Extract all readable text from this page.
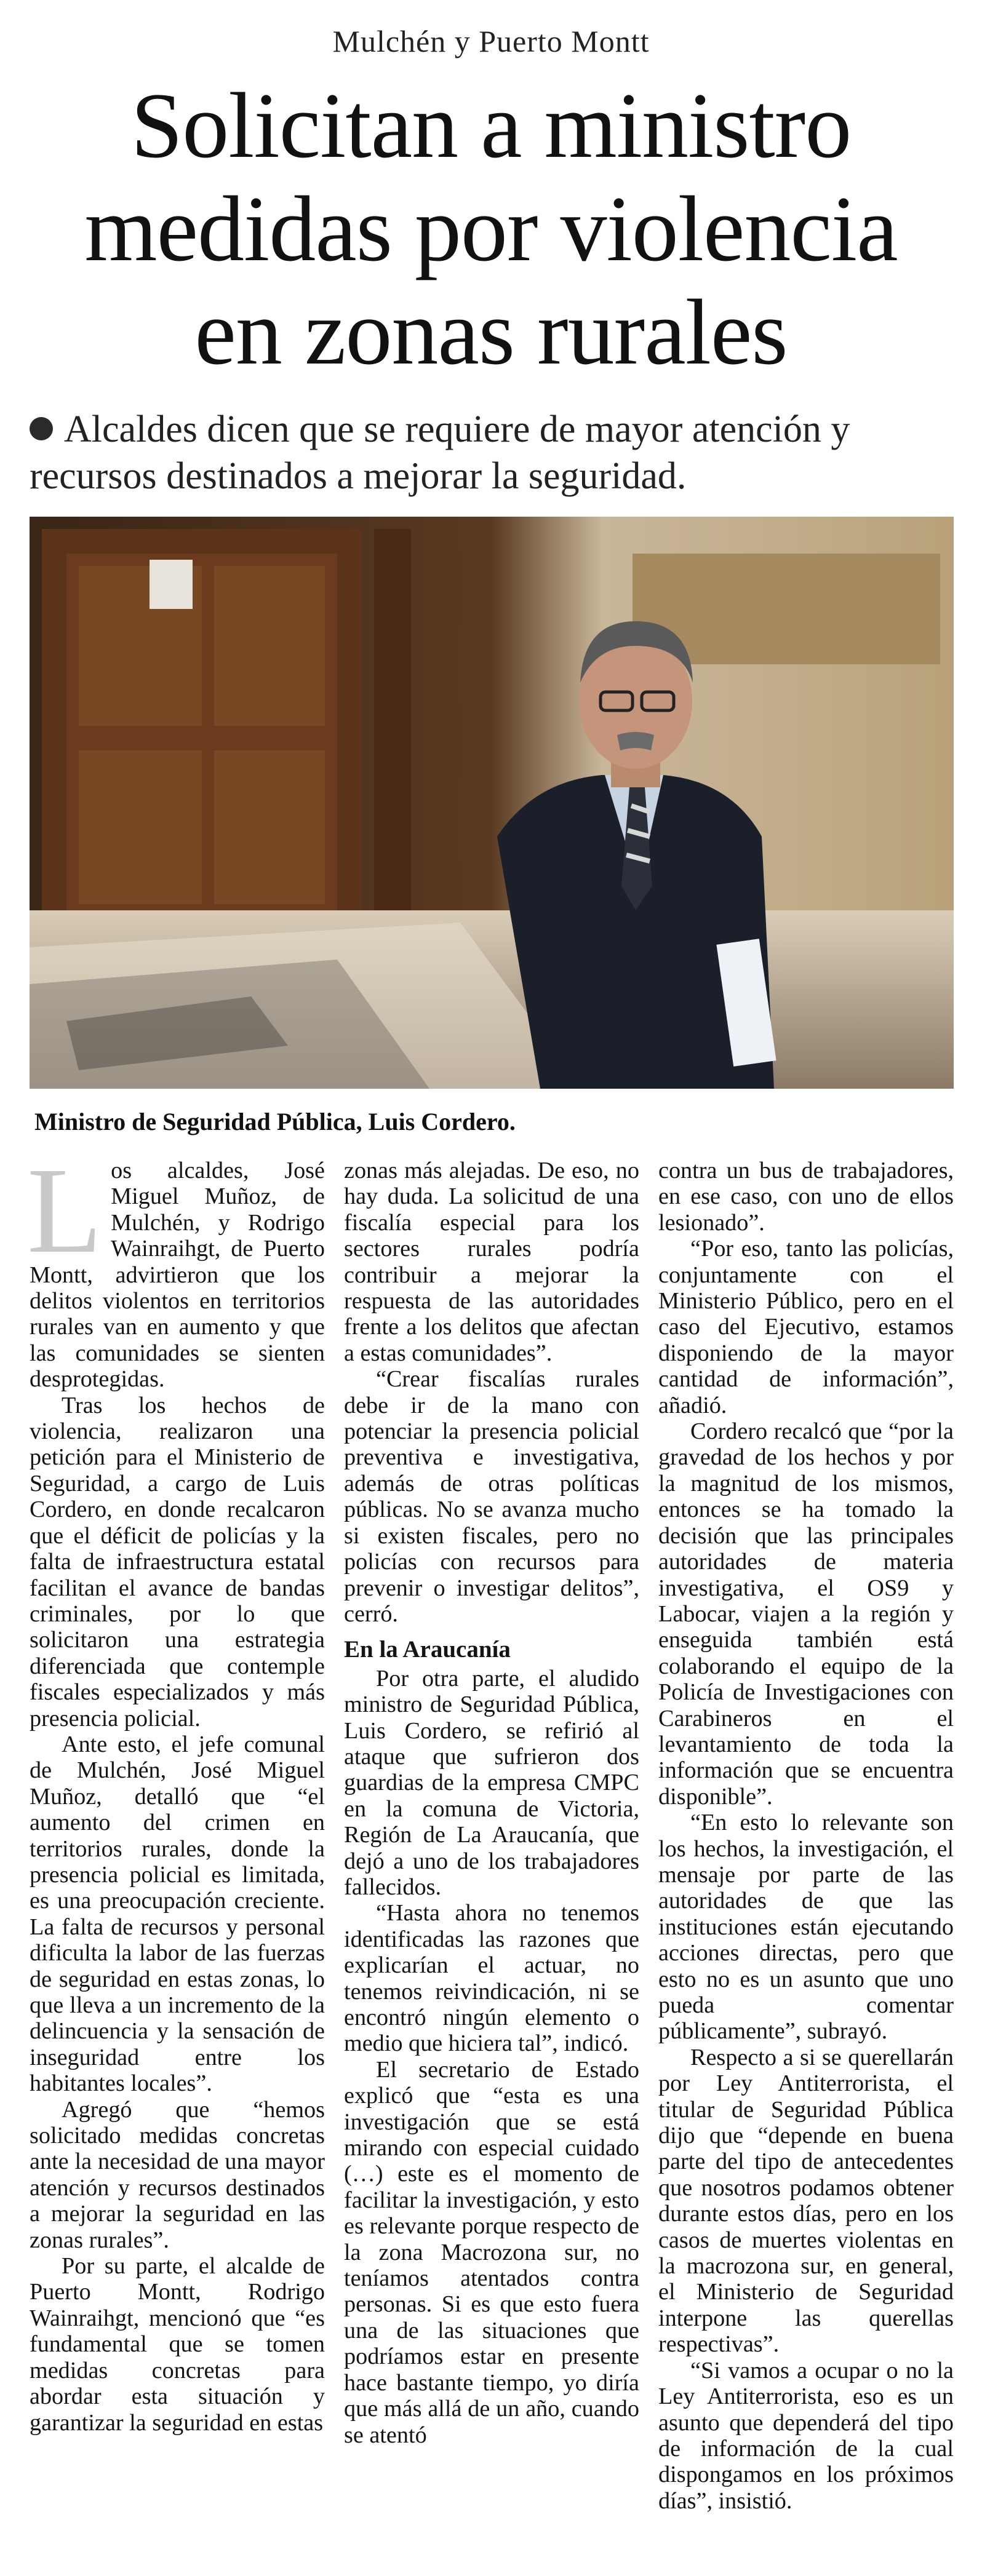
Mulchén y Puerto Montt
Solicitan a ministro
medidas por violencia
en zonas rurales
Alcaldes dicen que se requiere de mayor atención y recursos destinados a mejorar la seguridad.
Ministro de Seguridad Pública, Luis Cordero.

Los alcaldes, José Miguel Muñoz, de Mulchén, y Rodrigo Wainraihgt, de Puerto Montt, advirtieron que los delitos violentos en territorios rurales van en aumento y que las comunidades se sienten desprotegidas.

Tras los hechos de violencia, realizaron una petición para el Ministerio de Seguridad, a cargo de Luis Cordero, en donde recalcaron que el déficit de policías y la falta de infraestructura estatal facilitan el avance de bandas criminales, por lo que solicitaron una estrategia diferenciada que contemple fiscales especializados y más presencia policial.

Ante esto, el jefe comunal de Mulchén, José Miguel Muñoz, detalló que “el aumento del crimen en territorios rurales, donde la presencia policial es limitada, es una preocupación creciente. La falta de recursos y personal dificulta la labor de las fuerzas de seguridad en estas zonas, lo que lleva a un incremento de la delincuencia y la sensación de inseguridad entre los habitantes locales”.

Agregó que “hemos solicitado medidas concretas ante la necesidad de una mayor atención y recursos destinados a mejorar la seguridad en las zonas rurales”.

Por su parte, el alcalde de Puerto Montt, Rodrigo Wainraihgt, mencionó que “es fundamental que se tomen medidas concretas para abordar esta situación y garantizar la seguridad en estas

zonas más alejadas. De eso, no hay duda. La solicitud de una fiscalía especial para los sectores rurales podría contribuir a mejorar la respuesta de las autoridades frente a los delitos que afectan a estas comunidades”.

“Crear fiscalías rurales debe ir de la mano con potenciar la presencia policial preventiva e investigativa, además de otras políticas públicas. No se avanza mucho si existen fiscales, pero no policías con recursos para prevenir o investigar delitos”, cerró.

En la Araucanía

Por otra parte, el aludido ministro de Seguridad Pública, Luis Cordero, se refirió al ataque que sufrieron dos guardias de la empresa CMPC en la comuna de Victoria, Región de La Araucanía, que dejó a uno de los trabajadores fallecidos.

“Hasta ahora no tenemos identificadas las razones que explicarían el actuar, no tenemos reivindicación, ni se encontró ningún elemento o medio que hiciera tal”, indicó.

El secretario de Estado explicó que “esta es una investigación que se está mirando con especial cuidado (…) este es el momento de facilitar la investigación, y esto es relevante porque respecto de la zona Macrozona sur, no teníamos atentados contra personas. Si es que esto fuera una de las situaciones que podríamos estar en presente hace bastante tiempo, yo diría que más allá de un año, cuando se atentó

contra un bus de trabajadores, en ese caso, con uno de ellos lesionado”.

“Por eso, tanto las policías, conjuntamente con el Ministerio Público, pero en el caso del Ejecutivo, estamos disponiendo de la mayor cantidad de información”, añadió.

Cordero recalcó que “por la gravedad de los hechos y por la magnitud de los mismos, entonces se ha tomado la decisión que las principales autoridades de materia investigativa, el OS9 y Labocar, viajen a la región y enseguida también está colaborando el equipo de la Policía de Investigaciones con Carabineros en el levantamiento de toda la información que se encuentra disponible”.

“En esto lo relevante son los hechos, la investigación, el mensaje por parte de las autoridades de que las instituciones están ejecutando acciones directas, pero que esto no es un asunto que uno pueda comentar públicamente”, subrayó.

Respecto a si se querellarán por Ley Antiterrorista, el titular de Seguridad Pública dijo que “depende en buena parte del tipo de antecedentes que nosotros podamos obtener durante estos días, pero en los casos de muertes violentas en la macrozona sur, en general, el Ministerio de Seguridad interpone las querellas respectivas”.

“Si vamos a ocupar o no la Ley Antiterrorista, eso es un asunto que dependerá del tipo de información de la cual dispongamos en los próximos días”, insistió.
